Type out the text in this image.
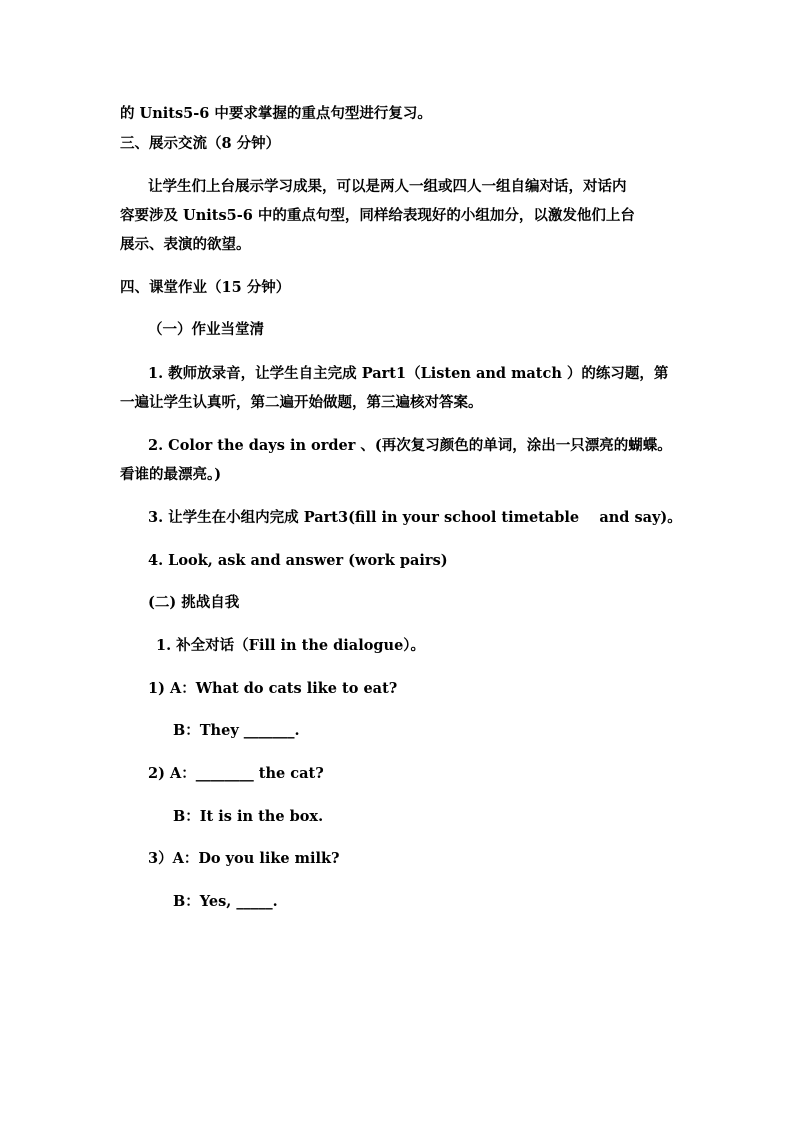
的 Units5-6 中要求掌握的重点句型进行复习。
三、展示交流（8 分钟）
让学生们上台展示学习成果，可以是两人一组或四人一组自编对话，对话内
容要涉及 Units5-6 中的重点句型，同样给表现好的小组加分，以激发他们上台
展示、表演的欲望。
四、课堂作业（15 分钟）
（一）作业当堂清
1. 教师放录音，让学生自主完成 Part1（Listen and match ）的练习题，第
一遍让学生认真听，第二遍开始做题，第三遍核对答案。
2. Color the days in order 、(再次复习颜色的单词，涂出一只漂亮的蝴蝶。
看谁的最漂亮。)
3. 让学生在小组内完成 Part3(fill in your school timetable    and say)。
4. Look, ask and answer (work pairs)
(二) 挑战自我
1. 补全对话（Fill in the dialogue）。
1) A：What do cats like to eat?
B：They _______.
2) A：________ the cat?
B：It is in the box.
3）A：Do you like milk?
B：Yes, _____.
